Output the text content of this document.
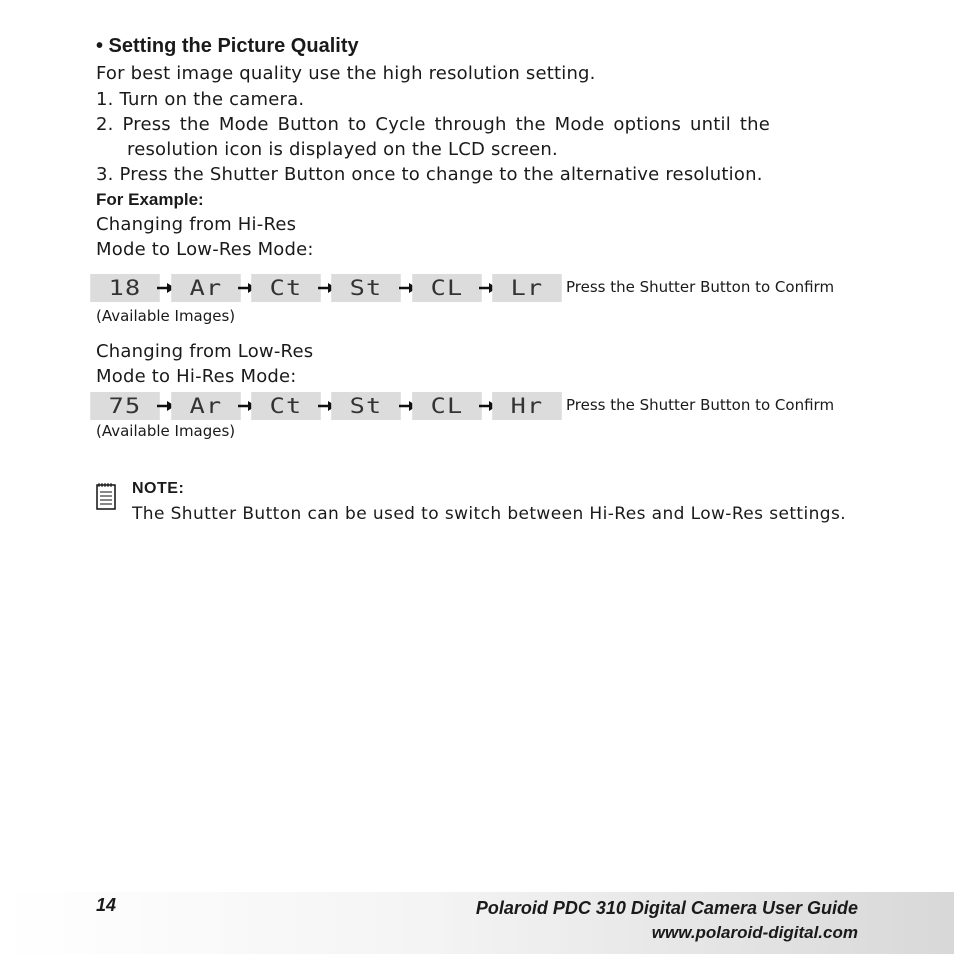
• Setting the Picture Quality
For best image quality use the high resolution setting.
1. Turn on the camera.
2. Press the Mode Button to Cycle through the Mode options until the
resolution icon is displayed on the LCD screen.
3. Press the Shutter Button once to change to the alternative resolution.
For Example:
Changing from Hi-Res
Mode to Low-Res Mode:
18	Ar	Ct	St	CL	Lr	Press the Shutter Button to Confirm
(Available Images)
Changing from Low-Res
Mode to Hi-Res Mode:
75	Ar	Ct	St	CL	Hr	Press the Shutter Button to Confirm
(Available Images)
NOTE:
The Shutter Button can be used to switch between Hi-Res and Low-Res settings.
14	Polaroid PDC 310 Digital Camera User Guide
www.polaroid-digital.com
